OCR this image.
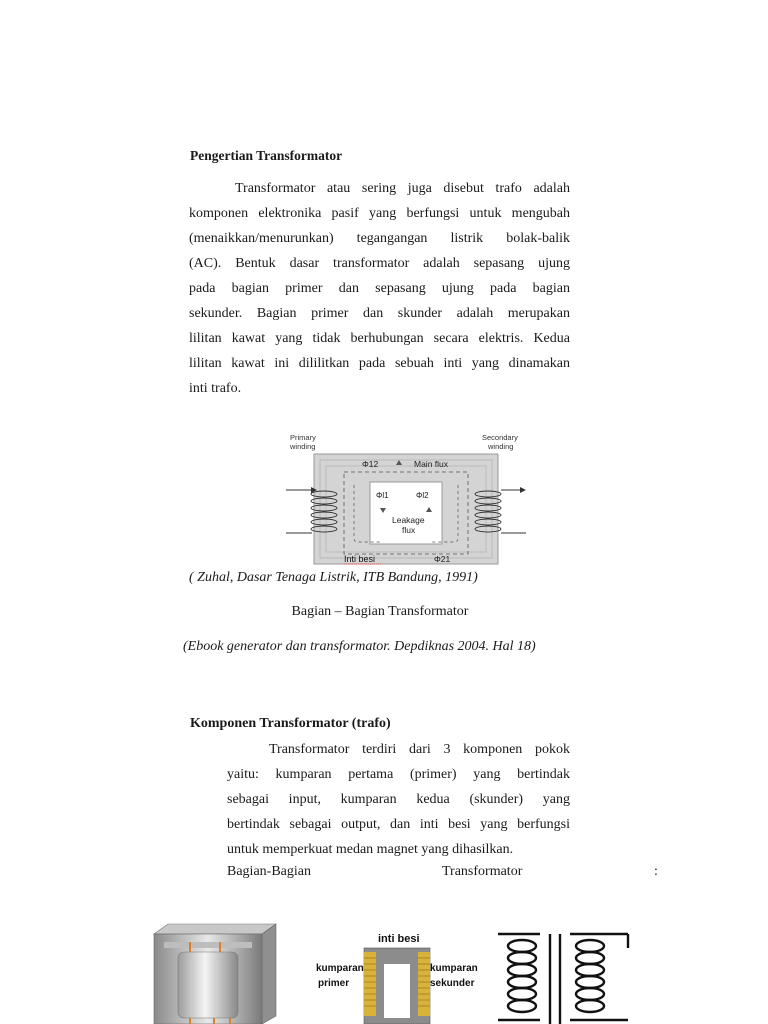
Pengertian Transformator
Transformator atau sering juga disebut trafo adalah
komponen elektronika pasif yang berfungsi untuk mengubah
(menaikkan/menurunkan) tegangangan listrik bolak-balik
(AC). Bentuk dasar transformator adalah sepasang ujung
pada bagian primer dan sepasang ujung pada bagian
sekunder. Bagian primer dan skunder adalah merupakan
lilitan kawat yang tidak berhubungan secara elektris. Kedua
lilitan kawat ini dililitkan pada sebuah inti yang dinamakan
inti trafo.
Primary
winding
Secondary
winding
Φ12	Main flux
Φl1	Φl2
Leakage
flux
Inti besi	Φ21
( Zuhal, Dasar Tenaga Listrik, ITB Bandung, 1991)
Bagian – Bagian Transformator
(Ebook generator dan transformator. Depdiknas 2004. Hal 18)
Komponen Transformator (trafo)
Transformator terdiri dari 3 komponen pokok
yaitu: kumparan pertama (primer) yang bertindak
sebagai input, kumparan kedua (skunder) yang
bertindak sebagai output, dan inti besi yang berfungsi
untuk memperkuat medan magnet yang dihasilkan.
Bagian-Bagian	Transformator	:
inti besi
kumparan
primer
kumparan
sekunder
